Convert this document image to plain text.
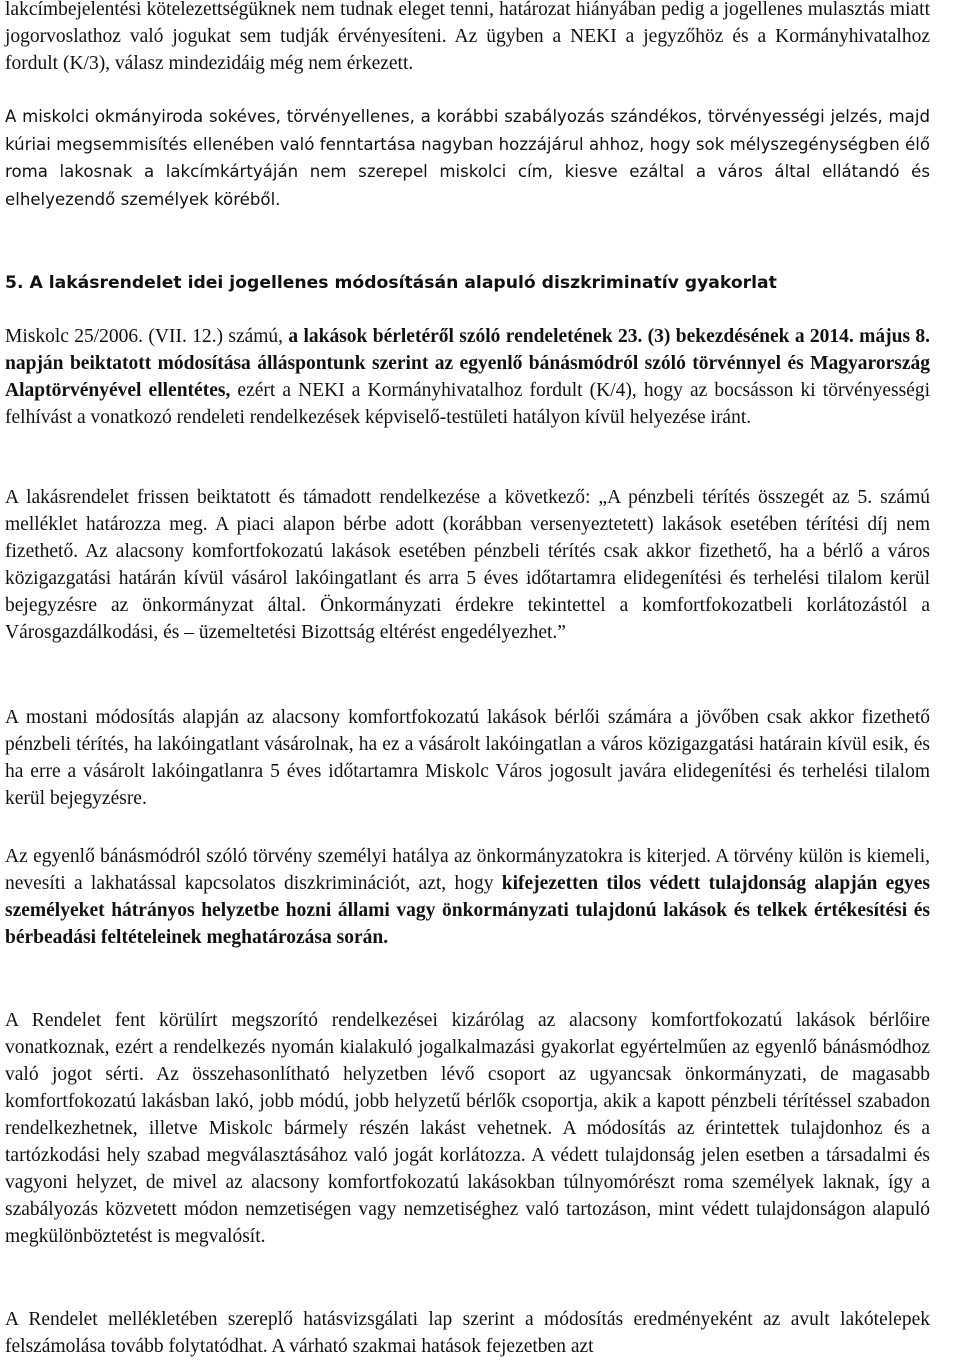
lakcímbejelentési kötelezettségüknek nem tudnak eleget tenni, határozat hiányában pedig a jogellenes mulasztás miatt jogorvoslathoz való jogukat sem tudják érvényesíteni. Az ügyben a NEKI a jegyzőhöz és a Kormányhivatalhoz fordult (K/3), válasz mindezidáig még nem érkezett.

A miskolci okmányiroda sokéves, törvényellenes, a korábbi szabályozás szándékos, törvényességi jelzés, majd kúriai megsemmisítés ellenében való fenntartása nagyban hozzájárul ahhoz, hogy sok mélyszegénységben élő roma lakosnak a lakcímkártyáján nem szerepel miskolci cím, kiesve ezáltal a város által ellátandó és elhelyezendő személyek köréből.

5. A lakásrendelet idei jogellenes módosításán alapuló diszkriminatív gyakorlat

Miskolc 25/2006. (VII. 12.) számú, a lakások bérletéről szóló rendeletének 23. (3) bekezdésének a 2014. május 8. napján beiktatott módosítása álláspontunk szerint az egyenlő bánásmódról szóló törvénnyel és Magyarország Alaptörvényével ellentétes, ezért a NEKI a Kormányhivatalhoz fordult (K/4), hogy az bocsásson ki törvényességi felhívást a vonatkozó rendeleti rendelkezések képviselő-testületi hatályon kívül helyezése iránt.

A lakásrendelet frissen beiktatott és támadott rendelkezése a következő: „A pénzbeli térítés összegét az 5. számú melléklet határozza meg. A piaci alapon bérbe adott (korábban versenyeztetett) lakások esetében térítési díj nem fizethető. Az alacsony komfortfokozatú lakások esetében pénzbeli térítés csak akkor fizethető, ha a bérlő a város közigazgatási határán kívül vásárol lakóingatlant és arra 5 éves időtartamra elidegenítési és terhelési tilalom kerül bejegyzésre az önkormányzat által. Önkormányzati érdekre tekintettel a komfortfokozatbeli korlátozástól a Városgazdálkodási, és – üzemeltetési Bizottság eltérést engedélyezhet.”

A mostani módosítás alapján az alacsony komfortfokozatú lakások bérlői számára a jövőben csak akkor fizethető pénzbeli térítés, ha lakóingatlant vásárolnak, ha ez a vásárolt lakóingatlan a város közigazgatási határain kívül esik, és ha erre a vásárolt lakóingatlanra 5 éves időtartamra Miskolc Város jogosult javára elidegenítési és terhelési tilalom kerül bejegyzésre.

Az egyenlő bánásmódról szóló törvény személyi hatálya az önkormányzatokra is kiterjed. A törvény külön is kiemeli, nevesíti a lakhatással kapcsolatos diszkriminációt, azt, hogy kifejezetten tilos védett tulajdonság alapján egyes személyeket hátrányos helyzetbe hozni állami vagy önkormányzati tulajdonú lakások és telkek értékesítési és bérbeadási feltételeinek meghatározása során.

A Rendelet fent körülírt megszorító rendelkezései kizárólag az alacsony komfortfokozatú lakások bérlőire vonatkoznak, ezért a rendelkezés nyomán kialakuló jogalkalmazási gyakorlat egyértelműen az egyenlő bánásmódhoz való jogot sérti. Az összehasonlítható helyzetben lévő csoport az ugyancsak önkormányzati, de magasabb komfortfokozatú lakásban lakó, jobb módú, jobb helyzetű bérlők csoportja, akik a kapott pénzbeli térítéssel szabadon rendelkezhetnek, illetve Miskolc bármely részén lakást vehetnek. A módosítás az érintettek tulajdonhoz és a tartózkodási hely szabad megválasztásához való jogát korlátozza. A védett tulajdonság jelen esetben a társadalmi és vagyoni helyzet, de mivel az alacsony komfortfokozatú lakásokban túlnyomórészt roma személyek laknak, így a szabályozás közvetett módon nemzetiségen vagy nemzetiséghez való tartozáson, mint védett tulajdonságon alapuló megkülönböztetést is megvalósít.

A Rendelet mellékletében szereplő hatásvizsgálati lap szerint a módosítás eredményeként az avult lakótelepek felszámolása tovább folytatódhat. A várható szakmai hatások fejezetben azt
